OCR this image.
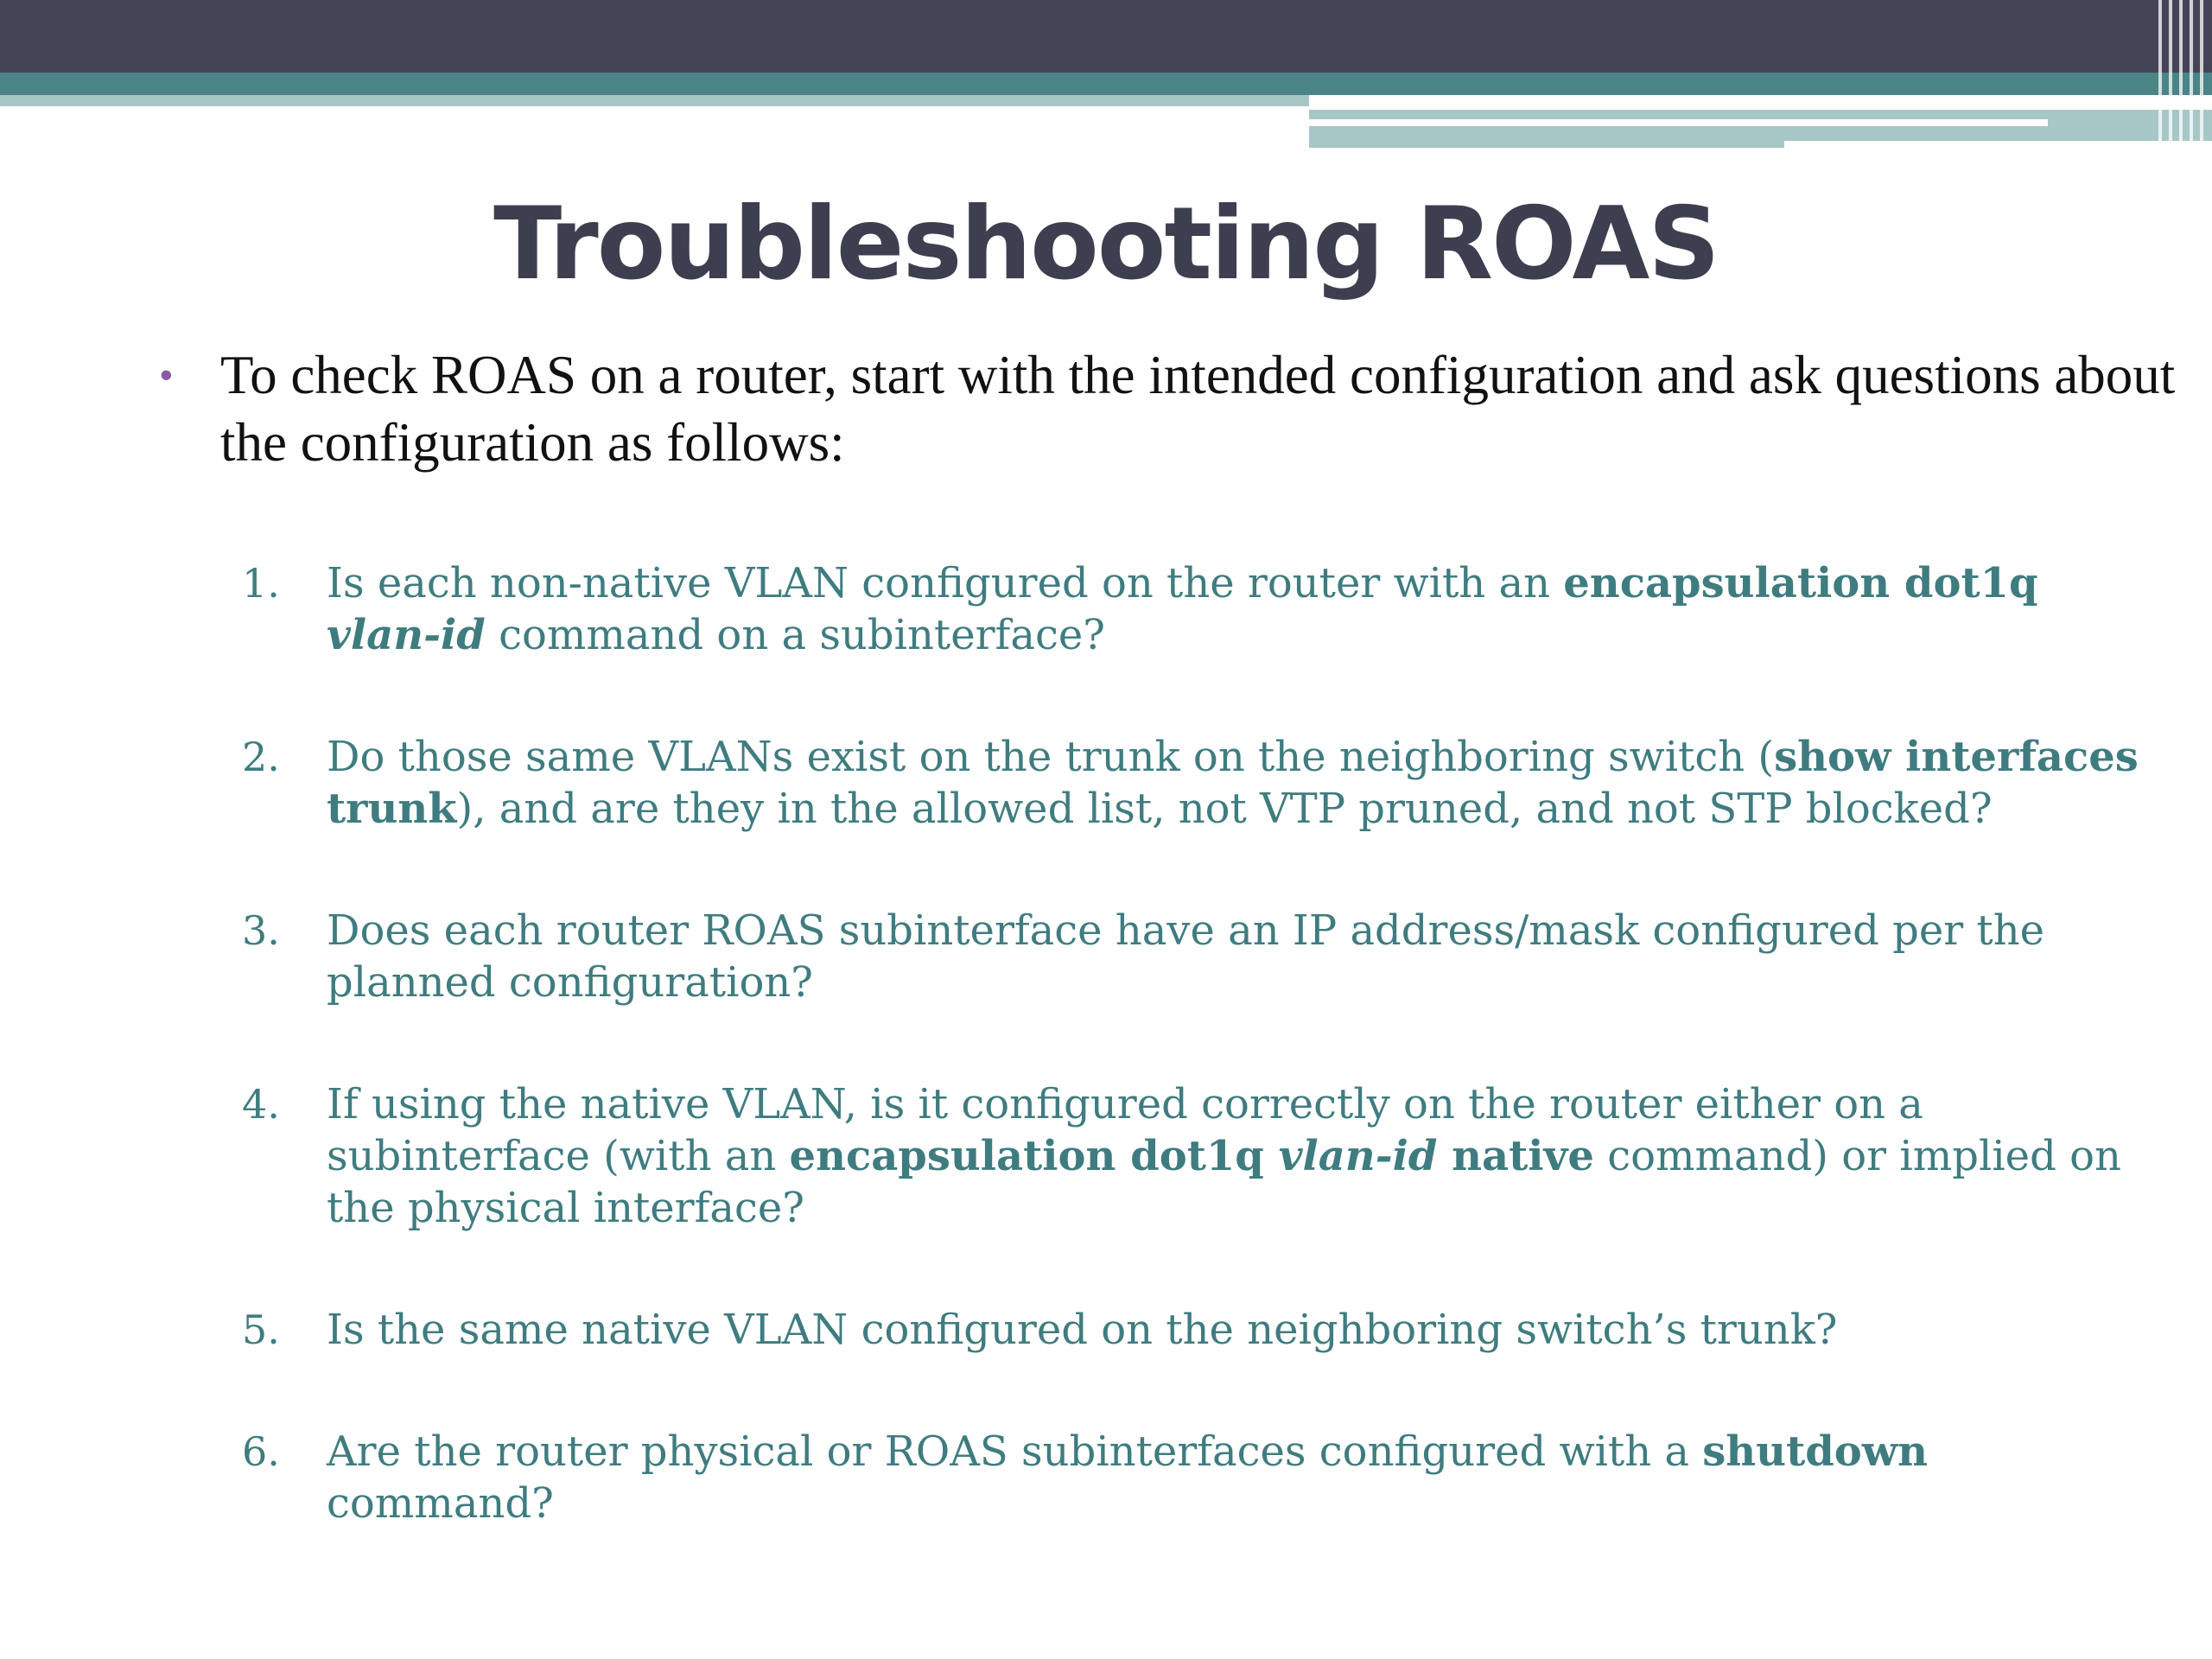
Troubleshooting ROAS
• To check ROAS on a router, start with the intended configuration and ask questions about the configuration as follows:
1. Is each non-native VLAN configured on the router with an encapsulation dot1q vlan-id command on a subinterface?
2. Do those same VLANs exist on the trunk on the neighboring switch (show interfaces trunk), and are they in the allowed list, not VTP pruned, and not STP blocked?
3. Does each router ROAS subinterface have an IP address/mask configured per the planned configuration?
4. If using the native VLAN, is it configured correctly on the router either on a subinterface (with an encapsulation dot1q vlan-id native command) or implied on the physical interface?
5. Is the same native VLAN configured on the neighboring switch’s trunk?
6. Are the router physical or ROAS subinterfaces configured with a shutdown command?
